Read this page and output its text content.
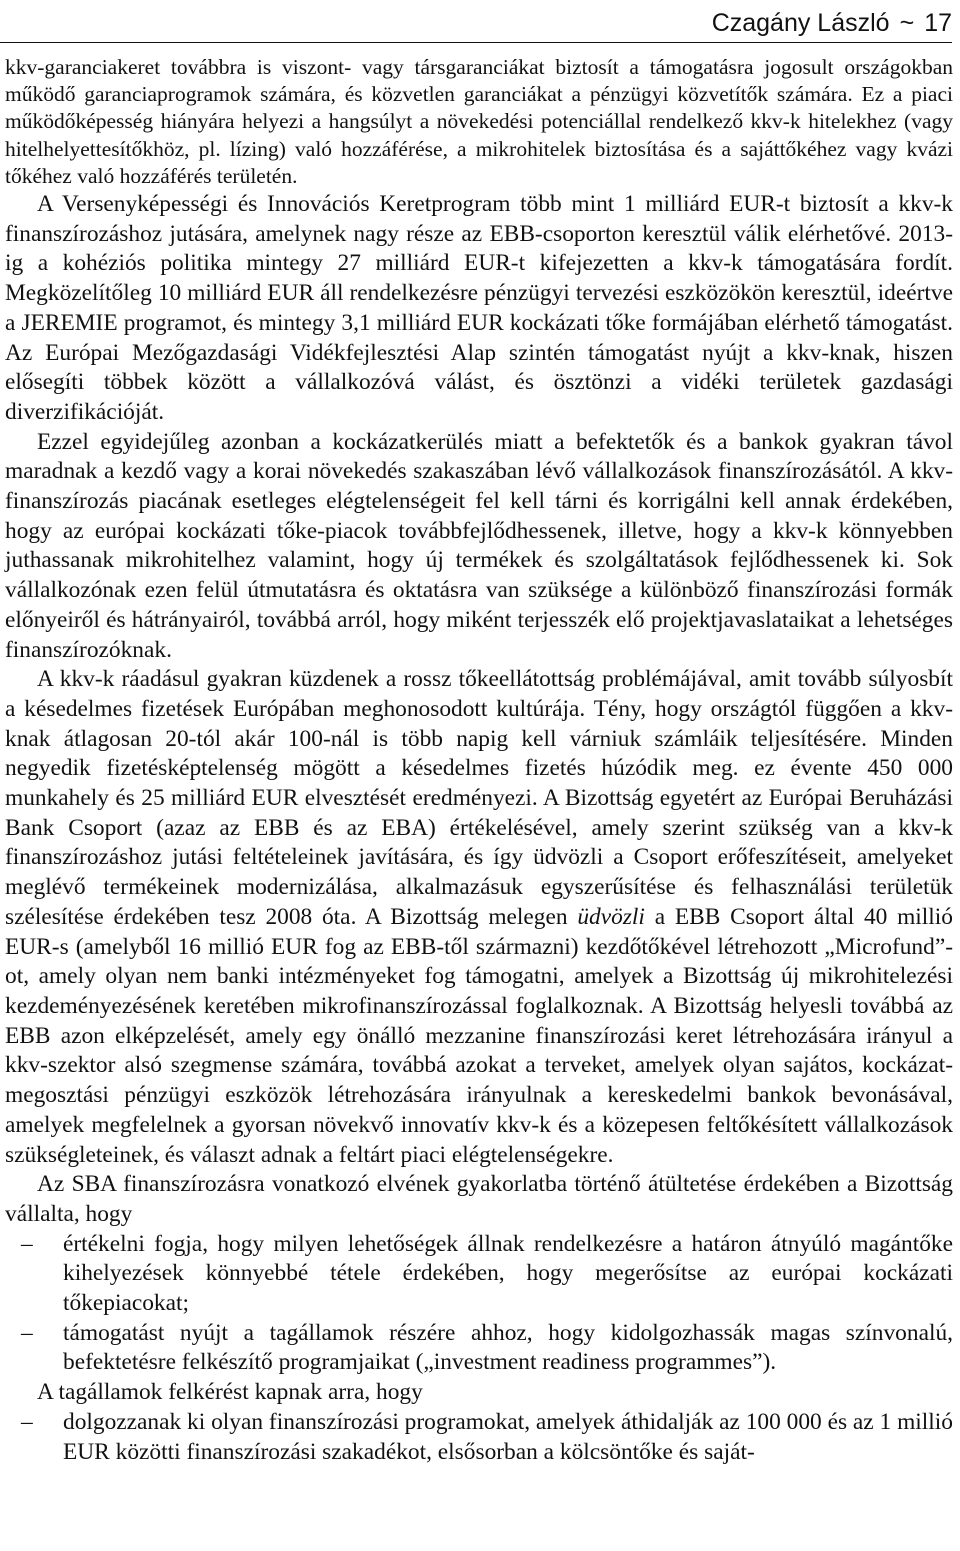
Czagány László ~ 17

kkv-garanciakeret továbbra is viszont- vagy társgaranciákat biztosít a támogatásra jogosult országokban működő garanciaprogramok számára, és közvetlen garanciákat a pénzügyi közvetítők számára. Ez a piaci működőképesség hiányára helyezi a hangsúlyt a növekedési potenciállal rendelkező kkv-k hitelekhez (vagy hitelhelyettesítőkhöz, pl. lízing) való hozzáférése, a mikrohitelek biztosítása és a sajáttőkéhez vagy kvázi tőkéhez való hozzáférés területén.

A Versenyképességi és Innovációs Keretprogram több mint 1 milliárd EUR-t biztosít a kkv-k finanszírozáshoz jutására, amelynek nagy része az EBB-csoporton keresztül válik elérhetővé. 2013-ig a kohéziós politika mintegy 27 milliárd EUR-t kifejezetten a kkv-k támogatására fordít. Megközelítőleg 10 milliárd EUR áll rendelkezésre pénzügyi tervezési eszközökön keresztül, ideértve a JEREMIE programot, és mintegy 3,1 milliárd EUR kockázati tőke formájában elérhető támogatást. Az Európai Mezőgazdasági Vidékfejlesztési Alap szintén támogatást nyújt a kkv-knak, hiszen elősegíti többek között a vállalkozóvá válást, és ösztönzi a vidéki területek gazdasági diverzifikációját.

Ezzel egyidejűleg azonban a kockázatkerülés miatt a befektetők és a bankok gyakran távol maradnak a kezdő vagy a korai növekedés szakaszában lévő vállalkozások finanszírozásától. A kkv-finanszírozás piacának esetleges elégtelenségeit fel kell tárni és korrigálni kell annak érdekében, hogy az európai kockázati tőke-piacok továbbfejlődhessenek, illetve, hogy a kkv-k könnyebben juthassanak mikrohitelhez valamint, hogy új termékek és szolgáltatások fejlődhessenek ki. Sok vállalkozónak ezen felül útmutatásra és oktatásra van szüksége a különböző finanszírozási formák előnyeiről és hátrányairól, továbbá arról, hogy miként terjesszék elő projektjavaslataikat a lehetséges finanszírozóknak.

A kkv-k ráadásul gyakran küzdenek a rossz tőkeellátottság problémájával, amit tovább súlyosbít a késedelmes fizetések Európában meghonosodott kultúrája. Tény, hogy országtól függően a kkv-knak átlagosan 20-tól akár 100-nál is több napig kell várniuk számláik teljesítésére. Minden negyedik fizetésképtelenség mögött a késedelmes fizetés húzódik meg. ez évente 450 000 munkahely és 25 milliárd EUR elvesztését eredményezi. A Bizottság egyetért az Európai Beruházási Bank Csoport (azaz az EBB és az EBA) értékelésével, amely szerint szükség van a kkv-k finanszírozáshoz jutási feltételeinek javítására, és így üdvözli a Csoport erőfeszítéseit, amelyeket meglévő termékeinek modernizálása, alkalmazásuk egyszerűsítése és felhasználási területük szélesítése érdekében tesz 2008 óta. A Bizottság melegen üdvözli a EBB Csoport által 40 millió EUR-s (amelyből 16 millió EUR fog az EBB-től származni) kezdőtőkével létrehozott „Microfund”-ot, amely olyan nem banki intézményeket fog támogatni, amelyek a Bizottság új mikrohitelezési kezdeményezésének keretében mikrofinanszírozással foglalkoznak. A Bizottság helyesli továbbá az EBB azon elképzelését, amely egy önálló mezzanine finanszírozási keret létrehozására irányul a kkv-szektor alsó szegmense számára, továbbá azokat a terveket, amelyek olyan sajátos, kockázat-megosztási pénzügyi eszközök létrehozására irányulnak a kereskedelmi bankok bevonásával, amelyek megfelelnek a gyorsan növekvő innovatív kkv-k és a közepesen feltőkésített vállalkozások szükségleteinek, és választ adnak a feltárt piaci elégtelenségekre.

Az SBA finanszírozásra vonatkozó elvének gyakorlatba történő átültetése érdekében a Bizottság vállalta, hogy

– értékelni fogja, hogy milyen lehetőségek állnak rendelkezésre a határon átnyúló magántőke kihelyezések könnyebbé tétele érdekében, hogy megerősítse az európai kockázati tőkepiacokat;
– támogatást nyújt a tagállamok részére ahhoz, hogy kidolgozhassák magas színvonalú, befektetésre felkészítő programjaikat („investment readiness programmes”).

A tagállamok felkérést kapnak arra, hogy

– dolgozzanak ki olyan finanszírozási programokat, amelyek áthidalják az 100 000 és az 1 millió EUR közötti finanszírozási szakadékot, elsősorban a kölcsöntőke és saját-
